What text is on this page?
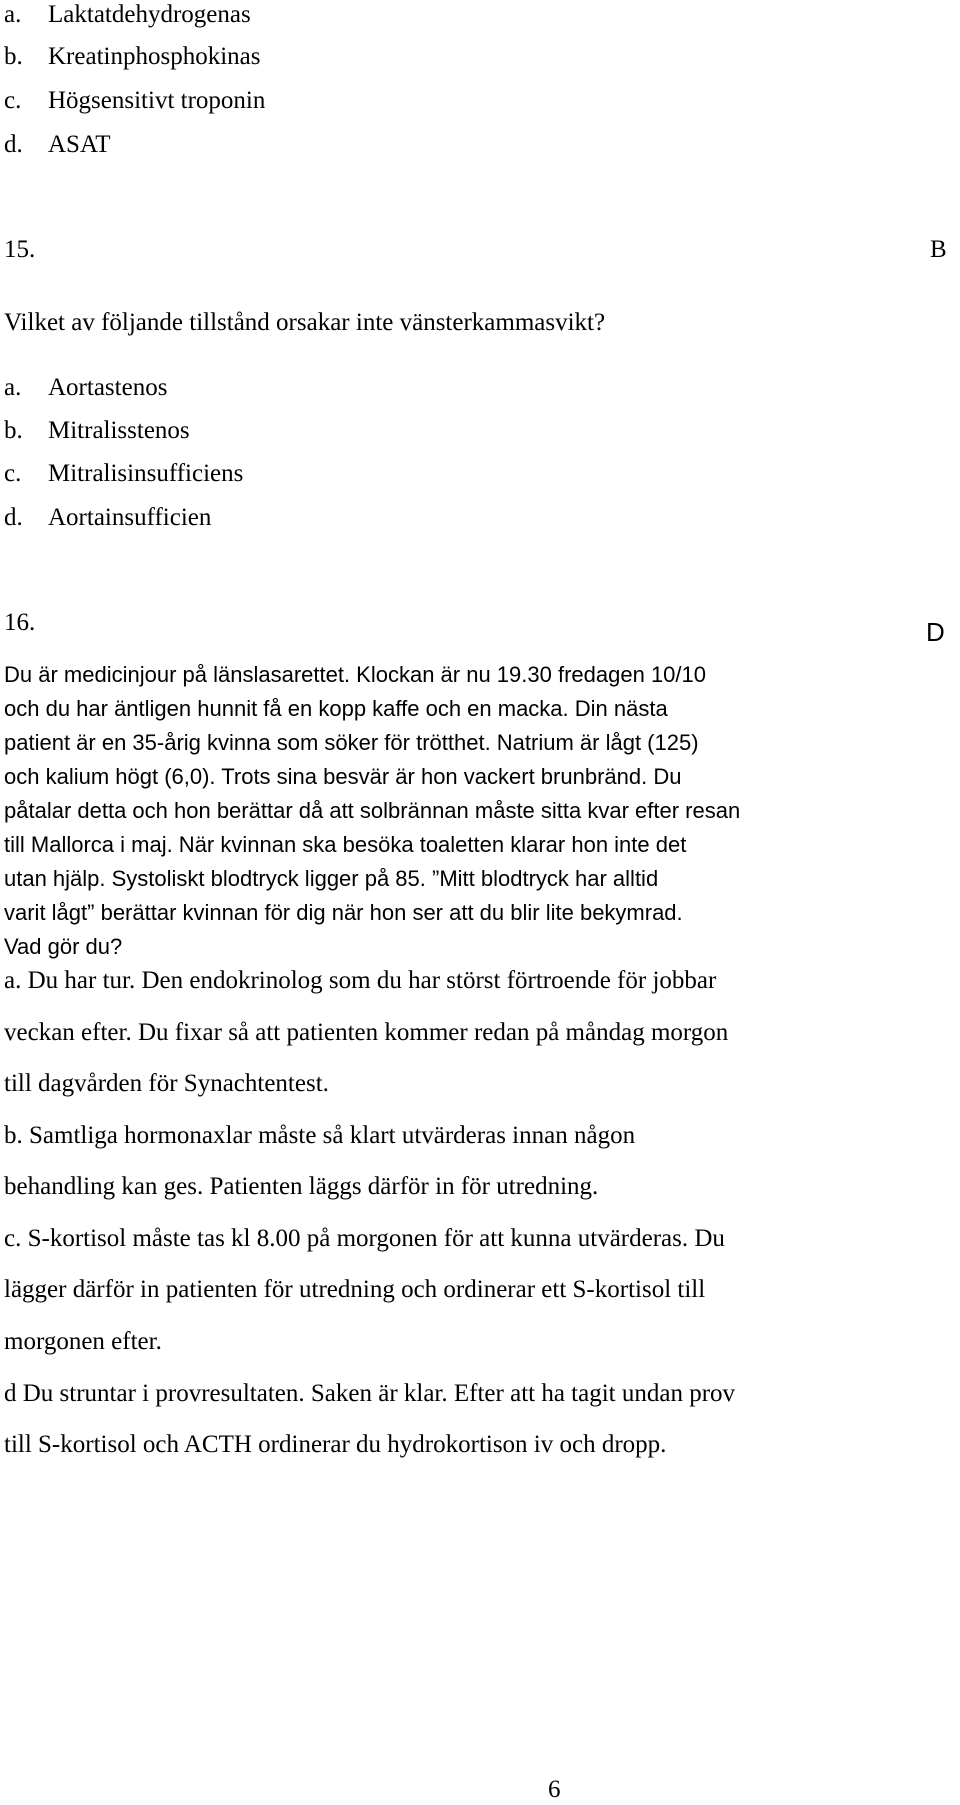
a. Laktatdehydrogenas
b. Kreatinphosphokinas
c. Högsensitivt troponin
d. ASAT
15.	B
Vilket av följande tillstånd orsakar inte vänsterkammasvikt?
a. Aortastenos
b. Mitralisstenos
c. Mitralisinsufficiens
d. Aortainsufficien
16.	D
Du är medicinjour på länslasarettet. Klockan är nu 19.30 fredagen 10/10
och du har äntligen hunnit få en kopp kaffe och en macka. Din nästa
patient är en 35-årig kvinna som söker för trötthet. Natrium är lågt (125)
och kalium högt (6,0). Trots sina besvär är hon vackert brunbränd. Du
påtalar detta och hon berättar då att solbrännan måste sitta kvar efter resan
till Mallorca i maj. När kvinnan ska besöka toaletten klarar hon inte det
utan hjälp. Systoliskt blodtryck ligger på 85. ”Mitt blodtryck har alltid
varit lågt” berättar kvinnan för dig när hon ser att du blir lite bekymrad.
Vad gör du?
a. Du har tur. Den endokrinolog som du har störst förtroende för jobbar
veckan efter. Du fixar så att patienten kommer redan på måndag morgon
till dagvården för Synachtentest.
b. Samtliga hormonaxlar måste så klart utvärderas innan någon
behandling kan ges. Patienten läggs därför in för utredning.
c. S-kortisol måste tas kl 8.00 på morgonen för att kunna utvärderas. Du
lägger därför in patienten för utredning och ordinerar ett S-kortisol till
morgonen efter.
d Du struntar i provresultaten. Saken är klar. Efter att ha tagit undan prov
till S-kortisol och ACTH ordinerar du hydrokortison iv och dropp.
6
